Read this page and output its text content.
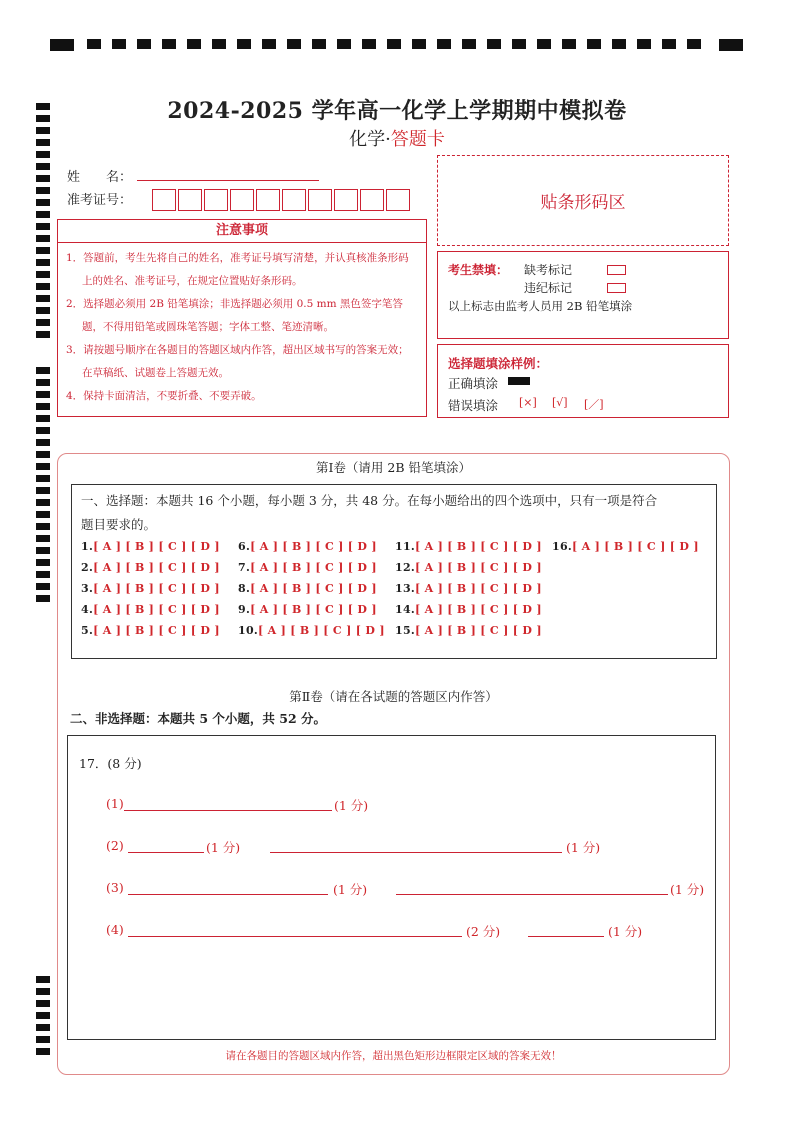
2024-2025 学年高一化学上学期期中模拟卷
化学·答题卡
姓　　名：
准考证号：	贴条形码区
注意事项
1．答题前，考生先将自己的姓名，准考证号填写清楚，并认真核准条形码上的姓名、准考证号，在规定位置贴好条形码。
2．选择题必须用 2B 铅笔填涂；非选择题必须用 0.5 mm 黑色签字笔答题，不得用铅笔或圆珠笔答题；字体工整、笔迹清晰。
3．请按题号顺序在各题目的答题区域内作答，超出区域书写的答案无效；在草稿纸、试题卷上答题无效。
4．保持卡面清洁，不要折叠、不要弄破。
考生禁填： 缺考标记
违纪标记
以上标志由监考人员用 2B 铅笔填涂
选择题填涂样例：
正确填涂
错误填涂 [×] [√] [／]
第Ⅰ卷（请用 2B 铅笔填涂）
一、选择题：本题共 16 个小题，每小题 3 分，共 48 分。在每小题给出的四个选项中，只有一项是符合
题目要求的。
1.[ A ] [ B ] [ C ] [ D ]
2.[ A ] [ B ] [ C ] [ D ]
3.[ A ] [ B ] [ C ] [ D ]
4.[ A ] [ B ] [ C ] [ D ]
5.[ A ] [ B ] [ C ] [ D ]
6.[ A ] [ B ] [ C ] [ D ]
7.[ A ] [ B ] [ C ] [ D ]
8.[ A ] [ B ] [ C ] [ D ]
9.[ A ] [ B ] [ C ] [ D ]
10.[ A ] [ B ] [ C ] [ D ]
11.[ A ] [ B ] [ C ] [ D ]
12.[ A ] [ B ] [ C ] [ D ]
13.[ A ] [ B ] [ C ] [ D ]
14.[ A ] [ B ] [ C ] [ D ]
15.[ A ] [ B ] [ C ] [ D ]
16.[ A ] [ B ] [ C ] [ D ]
第Ⅱ卷（请在各试题的答题区内作答）
二、非选择题：本题共 5 个小题，共 52 分。
17．(8 分)
(1)	(1 分)
(2)	(1 分)	(1 分)
(3)	(1 分)	(1 分)
(4)	(2 分)	(1 分)
请在各题目的答题区域内作答，超出黑色矩形边框限定区域的答案无效！
